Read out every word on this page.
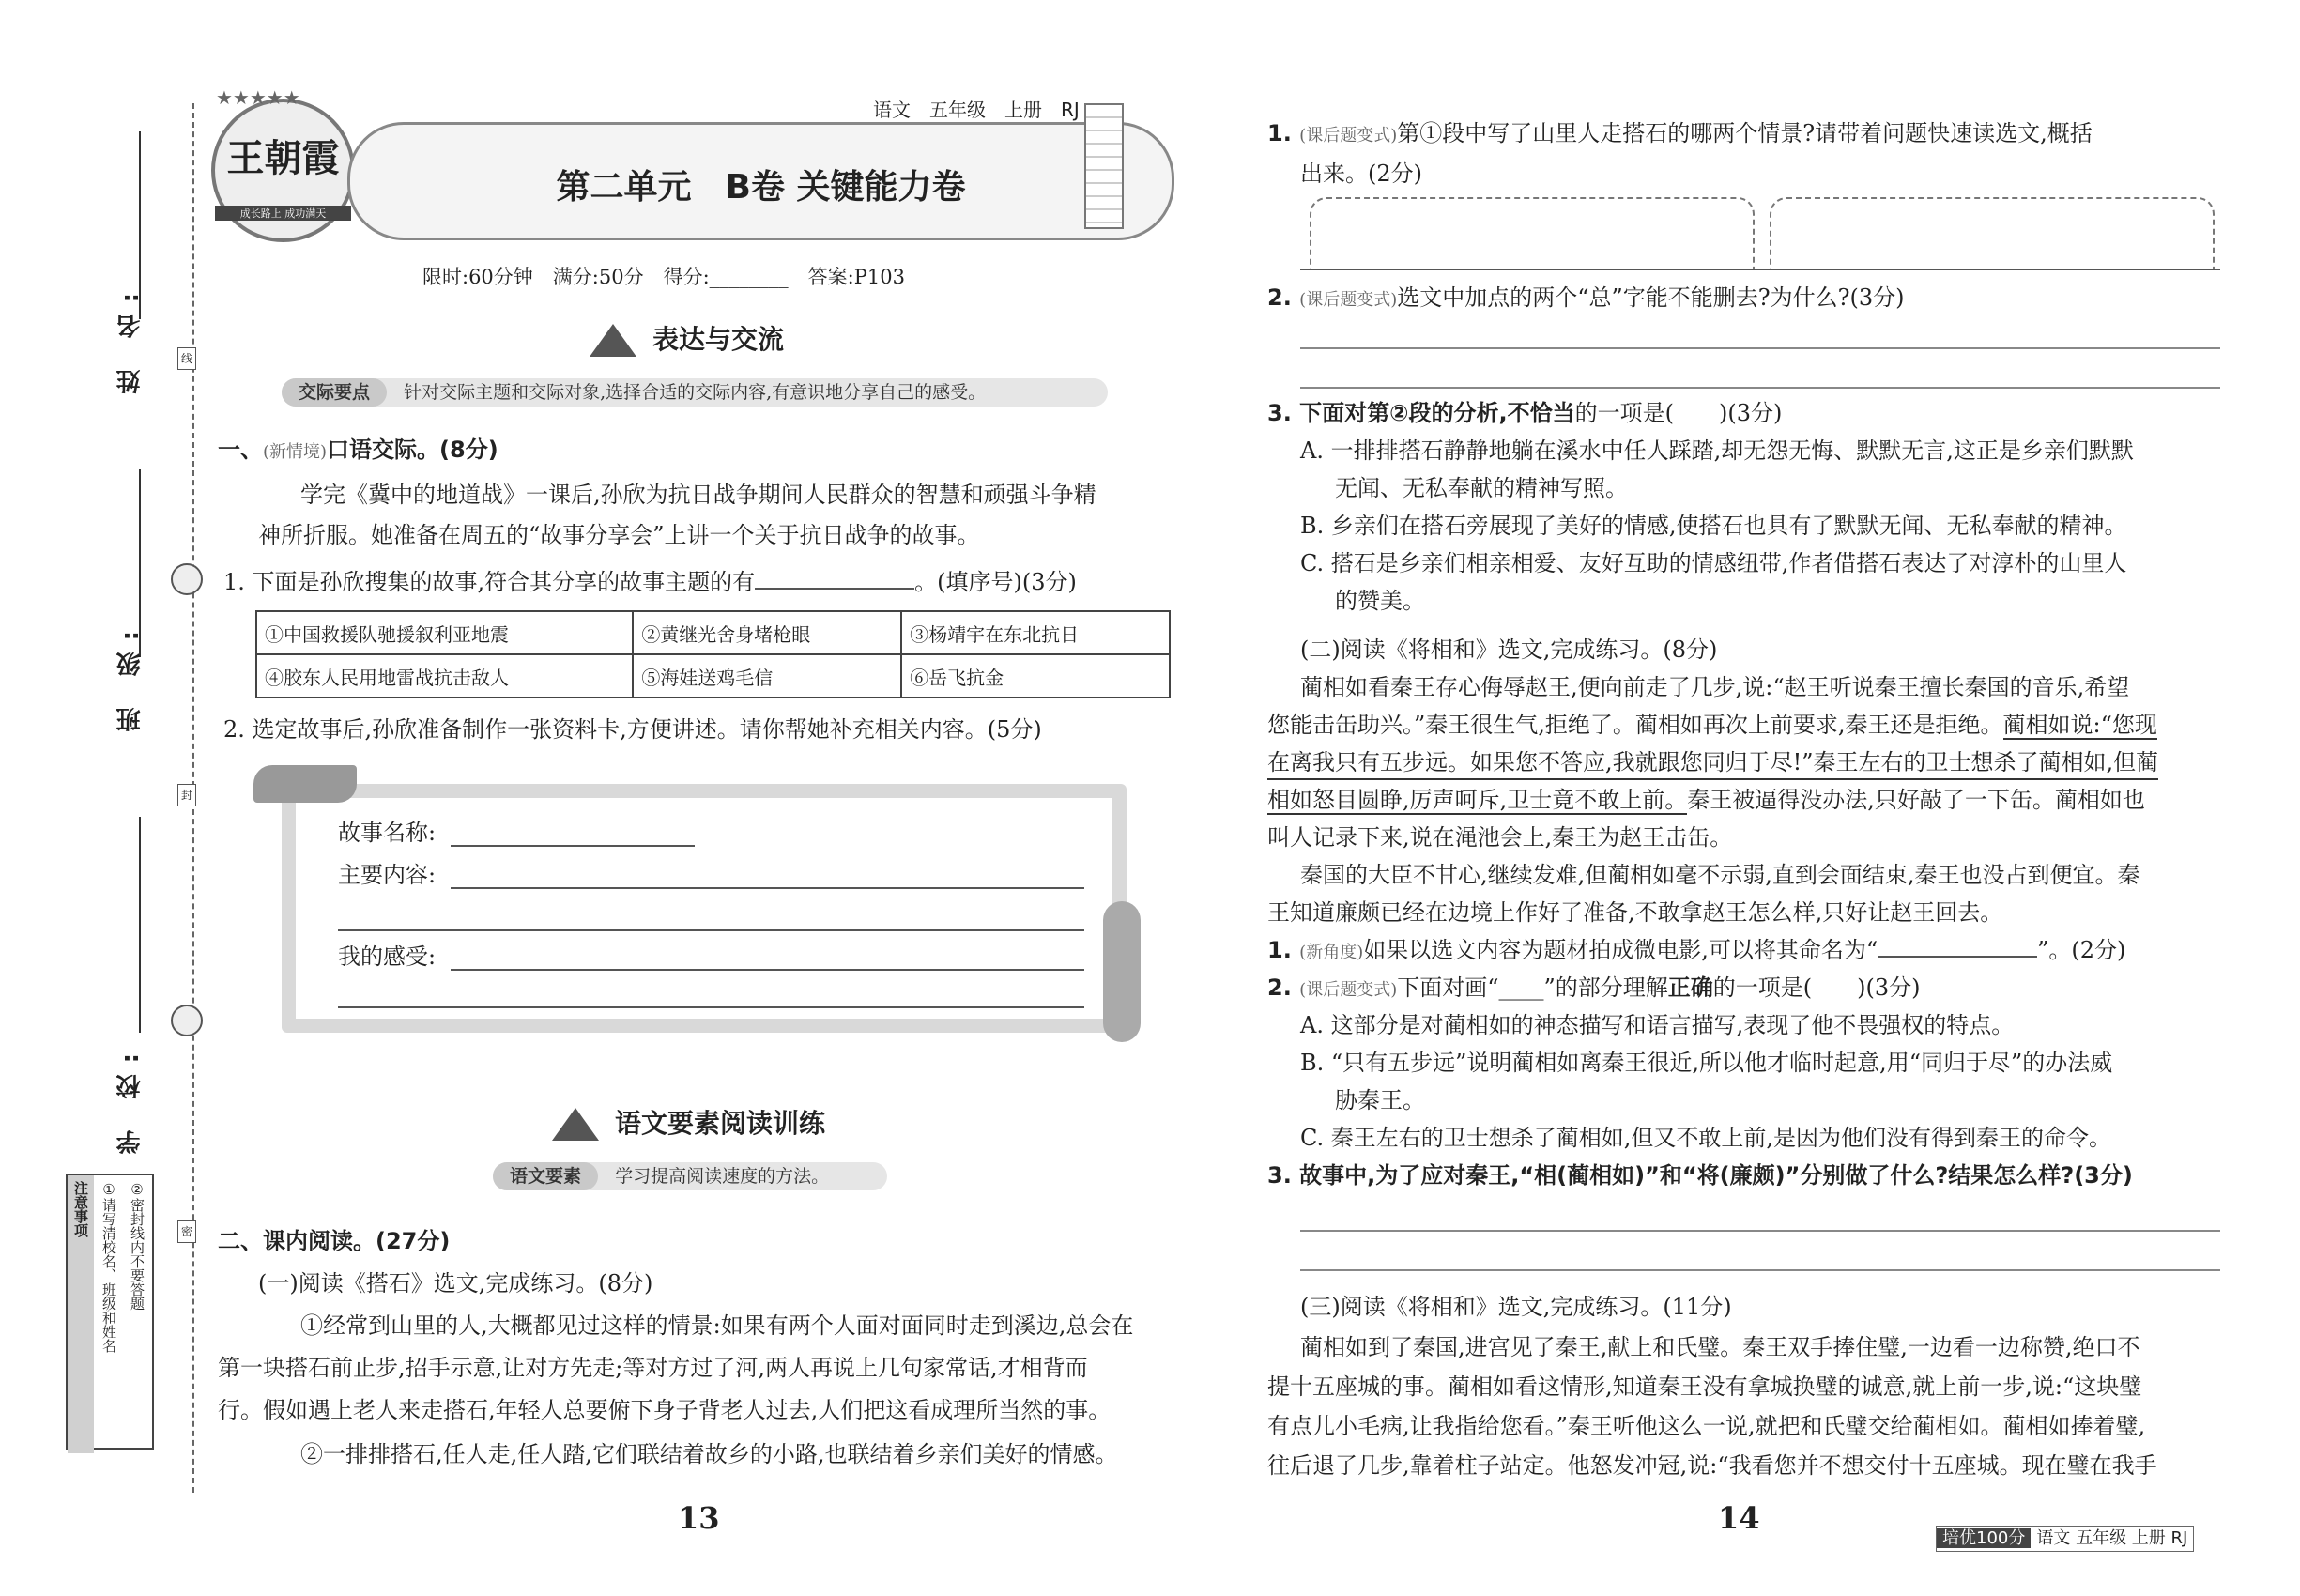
姓 名:
班 级:
学 校:
线
封
密
注意事项 ①请写清校名、班级和姓名 ②密封线内不要答题
王朝霞
成长路上 成功满天
★★★★★
语文　五年级　上册　RJ
第二单元　B卷 关键能力卷
限时:60分钟　满分:50分　得分:________　答案:P103
表达与交流
交际要点 针对交际主题和交际对象,选择合适的交际内容,有意识地分享自己的感受。
一、(新情境)口语交际。(8分)
学完《冀中的地道战》一课后,孙欣为抗日战争期间人民群众的智慧和顽强斗争精
神所折服。她准备在周五的“故事分享会”上讲一个关于抗日战争的故事。
1. 下面是孙欣搜集的故事,符合其分享的故事主题的有	。(填序号)(3分)
①中国救援队驰援叙利亚地震	②黄继光舍身堵枪眼	③杨靖宇在东北抗日
④胶东人民用地雷战抗击敌人	⑤海娃送鸡毛信	⑥岳飞抗金
2. 选定故事后,孙欣准备制作一张资料卡,方便讲述。请你帮她补充相关内容。(5分)
故事名称:
主要内容:
我的感受:
语文要素阅读训练
语文要素 学习提高阅读速度的方法。
二、课内阅读。(27分)
(一)阅读《搭石》选文,完成练习。(8分)
①经常到山里的人,大概都见过这样的情景:如果有两个人面对面同时走到溪边,总会在
第一块搭石前止步,招手示意,让对方先走;等对方过了河,两人再说上几句家常话,才相背而
行。假如遇上老人来走搭石,年轻人总要俯下身子背老人过去,人们把这看成理所当然的事。
②一排排搭石,任人走,任人踏,它们联结着故乡的小路,也联结着乡亲们美好的情感。
13
1. (课后题变式)第①段中写了山里人走搭石的哪两个情景?请带着问题快速读选文,概括
出来。(2分)
2. (课后题变式)选文中加点的两个“总”字能不能删去?为什么?(3分)
3. 下面对第②段的分析,不恰当的一项是(　　)(3分)
A. 一排排搭石静静地躺在溪水中任人踩踏,却无怨无悔、默默无言,这正是乡亲们默默
无闻、无私奉献的精神写照。
B. 乡亲们在搭石旁展现了美好的情感,使搭石也具有了默默无闻、无私奉献的精神。
C. 搭石是乡亲们相亲相爱、友好互助的情感纽带,作者借搭石表达了对淳朴的山里人
的赞美。
(二)阅读《将相和》选文,完成练习。(8分)
蔺相如看秦王存心侮辱赵王,便向前走了几步,说:“赵王听说秦王擅长秦国的音乐,希望
您能击缶助兴。”秦王很生气,拒绝了。蔺相如再次上前要求,秦王还是拒绝。蔺相如说:“您现
在离我只有五步远。如果您不答应,我就跟您同归于尽!”秦王左右的卫士想杀了蔺相如,但蔺
相如怒目圆睁,厉声呵斥,卫士竟不敢上前。秦王被逼得没办法,只好敲了一下缶。蔺相如也
叫人记录下来,说在渑池会上,秦王为赵王击缶。
秦国的大臣不甘心,继续发难,但蔺相如毫不示弱,直到会面结束,秦王也没占到便宜。秦
王知道廉颇已经在边境上作好了准备,不敢拿赵王怎么样,只好让赵王回去。
1. (新角度)如果以选文内容为题材拍成微电影,可以将其命名为“	”。(2分)
2. (课后题变式)下面对画“____”的部分理解正确的一项是(　　)(3分)
A. 这部分是对蔺相如的神态描写和语言描写,表现了他不畏强权的特点。
B. “只有五步远”说明蔺相如离秦王很近,所以他才临时起意,用“同归于尽”的办法威
胁秦王。
C. 秦王左右的卫士想杀了蔺相如,但又不敢上前,是因为他们没有得到秦王的命令。
3. 故事中,为了应对秦王,“相(蔺相如)”和“将(廉颇)”分别做了什么?结果怎么样?(3分)
(三)阅读《将相和》选文,完成练习。(11分)
蔺相如到了秦国,进宫见了秦王,献上和氏璧。秦王双手捧住璧,一边看一边称赞,绝口不
提十五座城的事。蔺相如看这情形,知道秦王没有拿城换璧的诚意,就上前一步,说:“这块璧
有点儿小毛病,让我指给您看。”秦王听他这么一说,就把和氏璧交给蔺相如。蔺相如捧着璧,
往后退了几步,靠着柱子站定。他怒发冲冠,说:“我看您并不想交付十五座城。现在璧在我手
14
培优100分 语文 五年级 上册 RJ
